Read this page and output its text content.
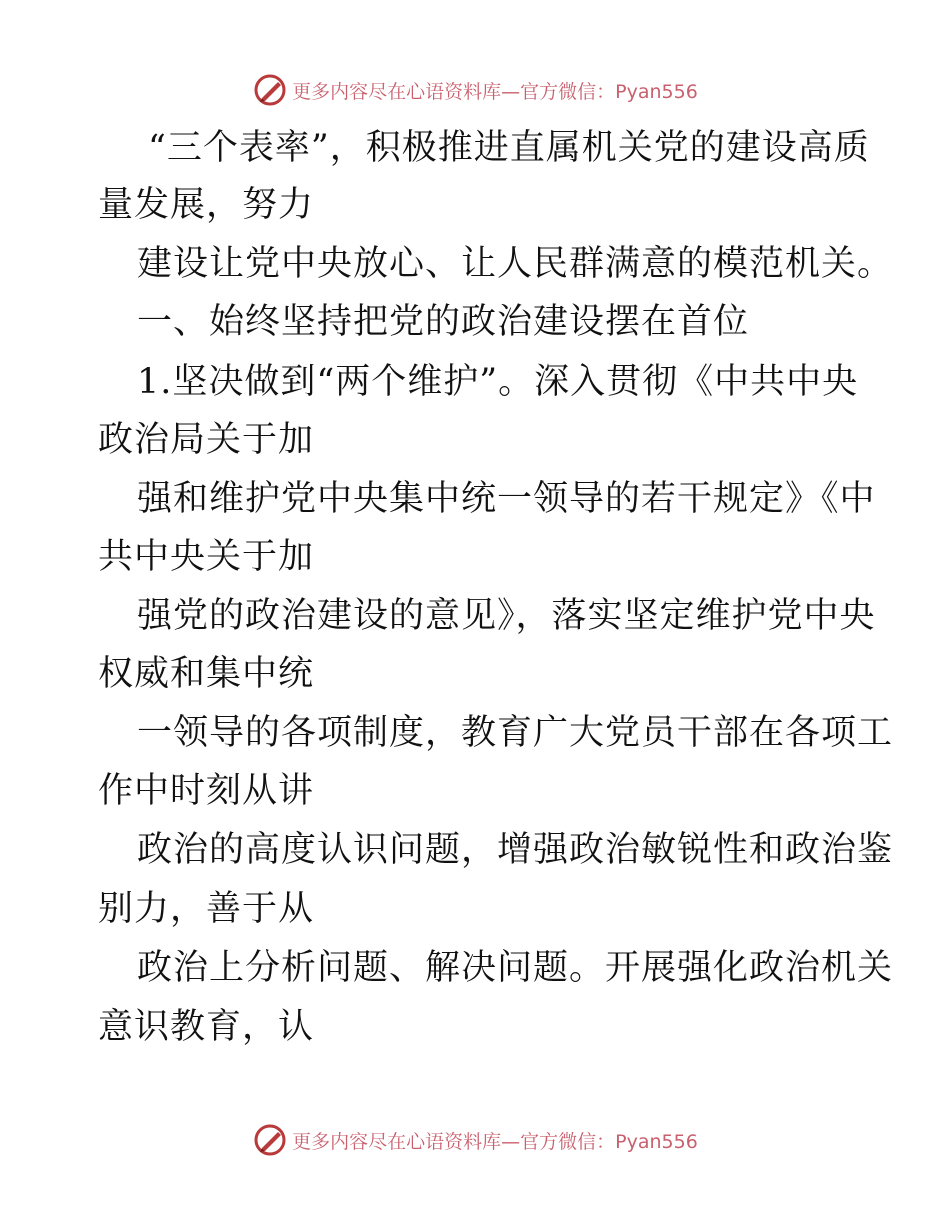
更多内容尽在心语资料库—官方微信：Pyan556
“三个表率”，积极推进直属机关党的建设高质
量发展，努力
建设让党中央放心、让人民群满意的模范机关。
一、始终坚持把党的政治建设摆在首位
1.坚决做到“两个维护”。深入贯彻《中共中央
政治局关于加
强和维护党中央集中统一领导的若干规定》《中
共中央关于加
强党的政治建设的意见》，落实坚定维护党中央
权威和集中统
一领导的各项制度，教育广大党员干部在各项工
作中时刻从讲
政治的高度认识问题，增强政治敏锐性和政治鉴
别力，善于从
政治上分析问题、解决问题。开展强化政治机关
意识教育，认
更多内容尽在心语资料库—官方微信：Pyan556
